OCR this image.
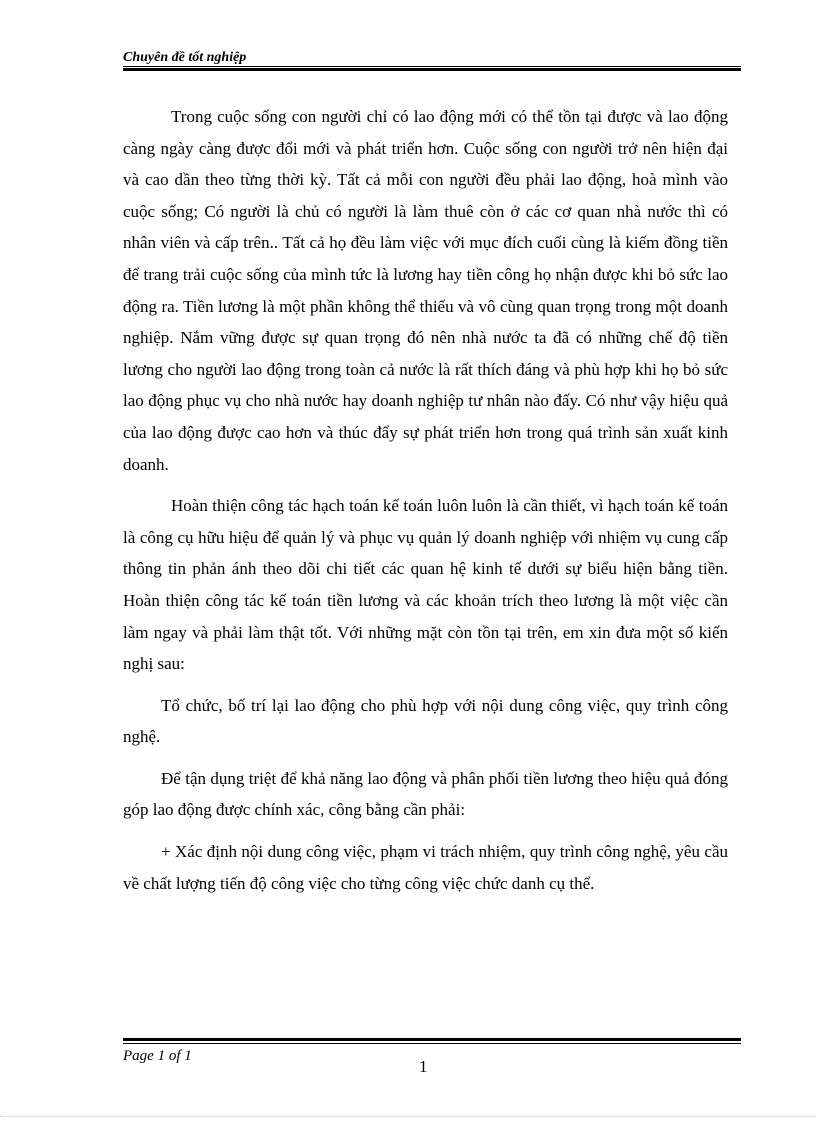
Chuyên đề tốt nghiệp

Trong cuộc sống con người chỉ có lao động mới có thể tồn tại được và lao động càng ngày càng được đổi mới và phát triển hơn. Cuộc sống con người trở nên hiện đại và cao dần theo từng thời kỳ. Tất cả mỗi con người đều phải lao động, hoà mình vào cuộc sống; Có người là chủ có người là làm thuê còn ở các cơ quan nhà nước thì có nhân viên và cấp trên.. Tất cả họ đều làm việc với mục đích cuối cùng là kiếm đồng tiền để trang trải cuộc sống của mình tức là lương hay tiền công họ nhận được khi bỏ sức lao động ra. Tiền lương là một phần không thể thiếu và vô cùng quan trọng trong một doanh nghiệp. Nắm vững được sự quan trọng đó nên nhà nước ta đã có những chế độ tiền lương cho người lao động trong toàn cả nước là rất thích đáng và phù hợp khi họ bỏ sức lao động phục vụ cho nhà nước hay doanh nghiệp tư nhân nào đấy. Có như vậy hiệu quả của lao động được cao hơn và thúc đẩy sự phát triển hơn trong quá trình sản xuất kinh doanh.

Hoàn thiện công tác hạch toán kế toán luôn luôn là cần thiết, vì hạch toán kế toán là công cụ hữu hiệu để quản lý và phục vụ quản lý doanh nghiệp với nhiệm vụ cung cấp thông tin phản ánh theo dõi chi tiết các quan hệ kinh tế dưới sự biểu hiện bằng tiền. Hoàn thiện công tác kế toán tiền lương và các khoản trích theo lương là một việc cần làm ngay và phải làm thật tốt. Với những mặt còn tồn tại trên, em xin đưa một số kiến nghị sau:

Tổ chức, bố trí lại lao động cho phù hợp với nội dung công việc, quy trình công nghệ.

Để tận dụng triệt để khả năng lao động và phân phối tiền lương theo hiệu quả đóng góp lao động được chính xác, công bằng cần phải:

+ Xác định nội dung công việc, phạm vi trách nhiệm, quy trình công nghệ, yêu cầu về chất lượng tiến độ công việc cho từng công việc chức danh cụ thể.

Page 1 of 1
1
